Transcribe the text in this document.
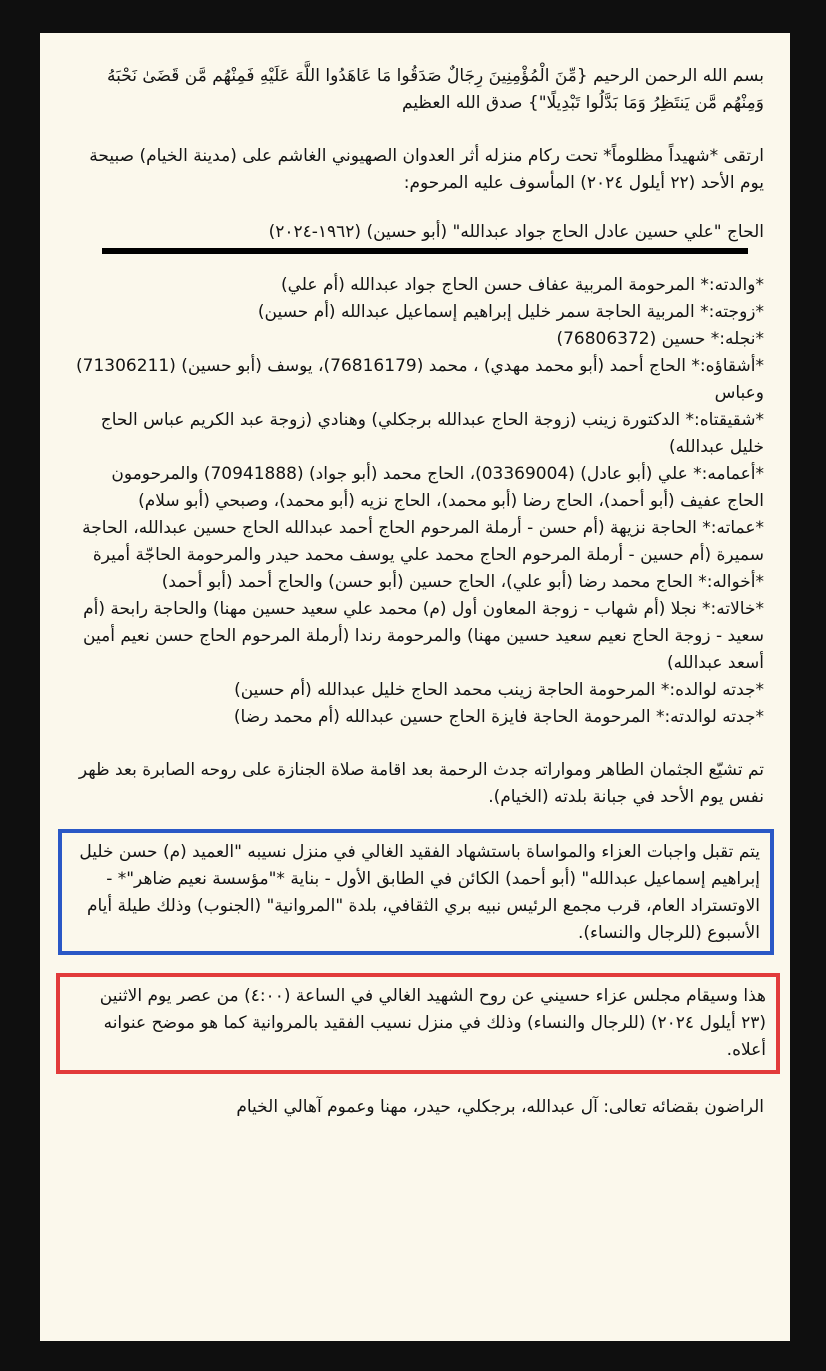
بسم الله الرحمن الرحيم {مِّنَ الْمُؤْمِنِينَ رِجَالٌ صَدَقُوا مَا عَاهَدُوا اللَّهَ عَلَيْهِ فَمِنْهُم مَّن قَضَىٰ نَحْبَهُ وَمِنْهُم مَّن يَنتَظِرُ وَمَا بَدَّلُوا تَبْدِيلًا"} صدق الله العظيم

ارتقى *شهيداً مظلوماً* تحت ركام منزله أثر العدوان الصهيوني الغاشم على (مدينة الخيام) صبيحة يوم الأحد (٢٢ أيلول ٢٠٢٤) المأسوف عليه المرحوم:

الحاج "علي حسين عادل الحاج جواد عبدالله" (أبو حسين) (١٩٦٢-٢٠٢٤)

*والدته:* المرحومة المربية عفاف حسن الحاج جواد عبدالله (أم علي)

*زوجته:* المربية الحاجة سمر خليل إبراهيم إسماعيل عبدالله (أم حسين)

*نجله:* حسين (76806372)

*أشقاؤه:* الحاج أحمد (أبو محمد مهدي) ، محمد (76816179)، يوسف (أبو حسين) (71306211) وعباس

*شقيقتاه:* الدكتورة زينب (زوجة الحاج عبدالله برجكلي) وهنادي (زوجة عبد الكريم عباس الحاج خليل عبدالله)

*أعمامه:* علي (أبو عادل) (03369004)، الحاج محمد (أبو جواد) (70941888) والمرحومون الحاج عفيف (أبو أحمد)، الحاج رضا (أبو محمد)، الحاج نزيه (أبو محمد)، وصبحي (أبو سلام)

*عماته:* الحاجة نزيهة (أم حسن - أرملة المرحوم الحاج أحمد عبدالله الحاج حسين عبدالله، الحاجة سميرة (أم حسين - أرملة المرحوم الحاج محمد علي يوسف محمد حيدر والمرحومة الحاجّة أميرة

*أخواله:* الحاج محمد رضا (أبو علي)، الحاج حسين (أبو حسن) والحاج أحمد (أبو أحمد)

*خالاته:* نجلا (أم شهاب - زوجة المعاون أول (م) محمد علي سعيد حسين مهنا) والحاجة رابحة (أم سعيد - زوجة الحاج نعيم سعيد حسين مهنا) والمرحومة رندا (أرملة المرحوم الحاج حسن نعيم أمين أسعد عبدالله)

*جدته لوالده:* المرحومة الحاجة زينب محمد الحاج خليل عبدالله (أم حسين)

*جدته لوالدته:* المرحومة الحاجة فايزة الحاج حسين عبدالله (أم محمد رضا)

تم تشيّع الجثمان الطاهر ومواراته جدث الرحمة بعد اقامة صلاة الجنازة على روحه الصابرة بعد ظهر نفس يوم الأحد في جبانة بلدته (الخيام).

يتم تقبل واجبات العزاء والمواساة باستشهاد الفقيد الغالي في منزل نسيبه "العميد (م) حسن خليل إبراهيم إسماعيل عبدالله" (أبو أحمد) الكائن في الطابق الأول - بناية *"مؤسسة نعيم ضاهر"* - الاوتستراد العام، قرب مجمع الرئيس نبيه بري الثقافي، بلدة "المروانية" (الجنوب) وذلك طيلة أيام الأسبوع (للرجال والنساء).

هذا وسيقام مجلس عزاء حسيني عن روح الشهيد الغالي في الساعة (٤:٠٠) من عصر يوم الاثنين (٢٣ أيلول ٢٠٢٤) (للرجال والنساء) وذلك في منزل نسيب الفقيد بالمروانية كما هو موضح عنوانه أعلاه.

الراضون بقضائه تعالى: آل عبدالله، برجكلي، حيدر، مهنا وعموم آهالي الخيام
